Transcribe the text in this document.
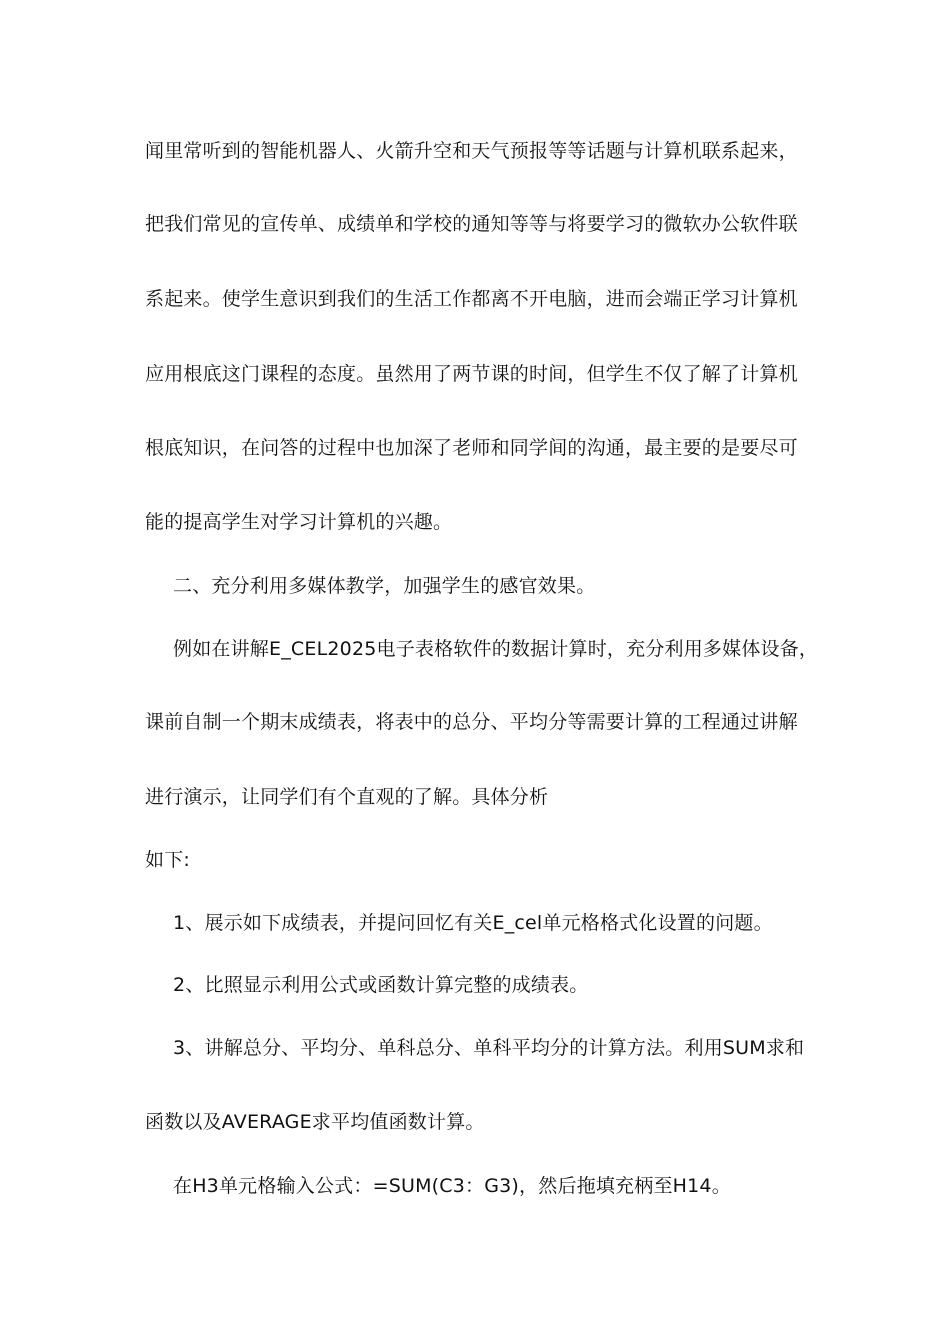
闻里常听到的智能机器人、火箭升空和天气预报等等话题与计算机联系起来，
把我们常见的宣传单、成绩单和学校的通知等等与将要学习的微软办公软件联
系起来。使学生意识到我们的生活工作都离不开电脑，进而会端正学习计算机
应用根底这门课程的态度。虽然用了两节课的时间，但学生不仅了解了计算机
根底知识，在问答的过程中也加深了老师和同学间的沟通，最主要的是要尽可
能的提高学生对学习计算机的兴趣。
二、充分利用多媒体教学，加强学生的感官效果。
例如在讲解E_CEL2025电子表格软件的数据计算时，充分利用多媒体设备，
课前自制一个期末成绩表，将表中的总分、平均分等需要计算的工程通过讲解
进行演示，让同学们有个直观的了解。具体分析
如下:
1、展示如下成绩表，并提问回忆有关E_cel单元格格式化设置的问题。
2、比照显示利用公式或函数计算完整的成绩表。
3、讲解总分、平均分、单科总分、单科平均分的计算方法。利用SUM求和
函数以及AVERAGE求平均值函数计算。
在H3单元格输入公式：=SUM(C3：G3)，然后拖填充柄至H14。
